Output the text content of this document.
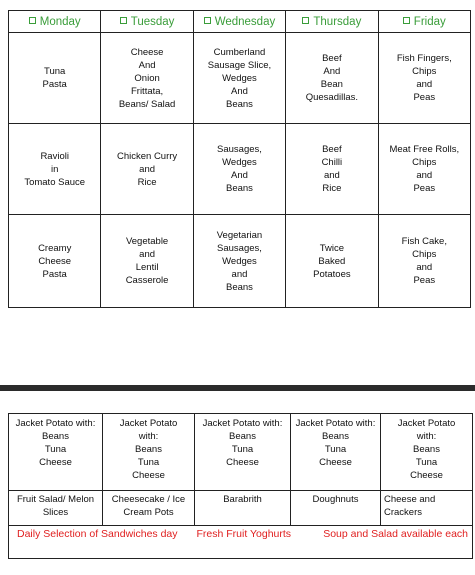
Monday	Tuesday	Wednesday	Thursday	Friday

Tuna
Pasta	Cheese
And
Onion
Frittata,
Beans/ Salad	Cumberland
Sausage Slice,
Wedges
And
Beans	Beef
And
Bean
Quesadillas.	Fish Fingers,
Chips
and
Peas

Ravioli
in
Tomato Sauce	Chicken Curry
and
Rice	Sausages,
Wedges
And
Beans	Beef
Chilli
and
Rice	Meat Free Rolls,
Chips
and
Peas

Creamy
Cheese
Pasta	Vegetable
and
Lentil
Casserole	Vegetarian
Sausages,
Wedges
and
Beans	Twice
Baked
Potatoes	Fish Cake,
Chips
and
Peas
Jacket Potato with:
Beans
Tuna
Cheese	Jacket Potato
with:
Beans
Tuna
Cheese	Jacket Potato with:
Beans
Tuna
Cheese	Jacket Potato with:
Beans
Tuna
Cheese	Jacket Potato
with:
Beans
Tuna
Cheese

Fruit Salad/ Melon
Slices	Cheesecake / Ice
Cream Pots	Barabrith	Doughnuts	Cheese and
Crackers

Daily Selection of Sandwiches day		Fresh Fruit Yoghurts		Soup and Salad available each
